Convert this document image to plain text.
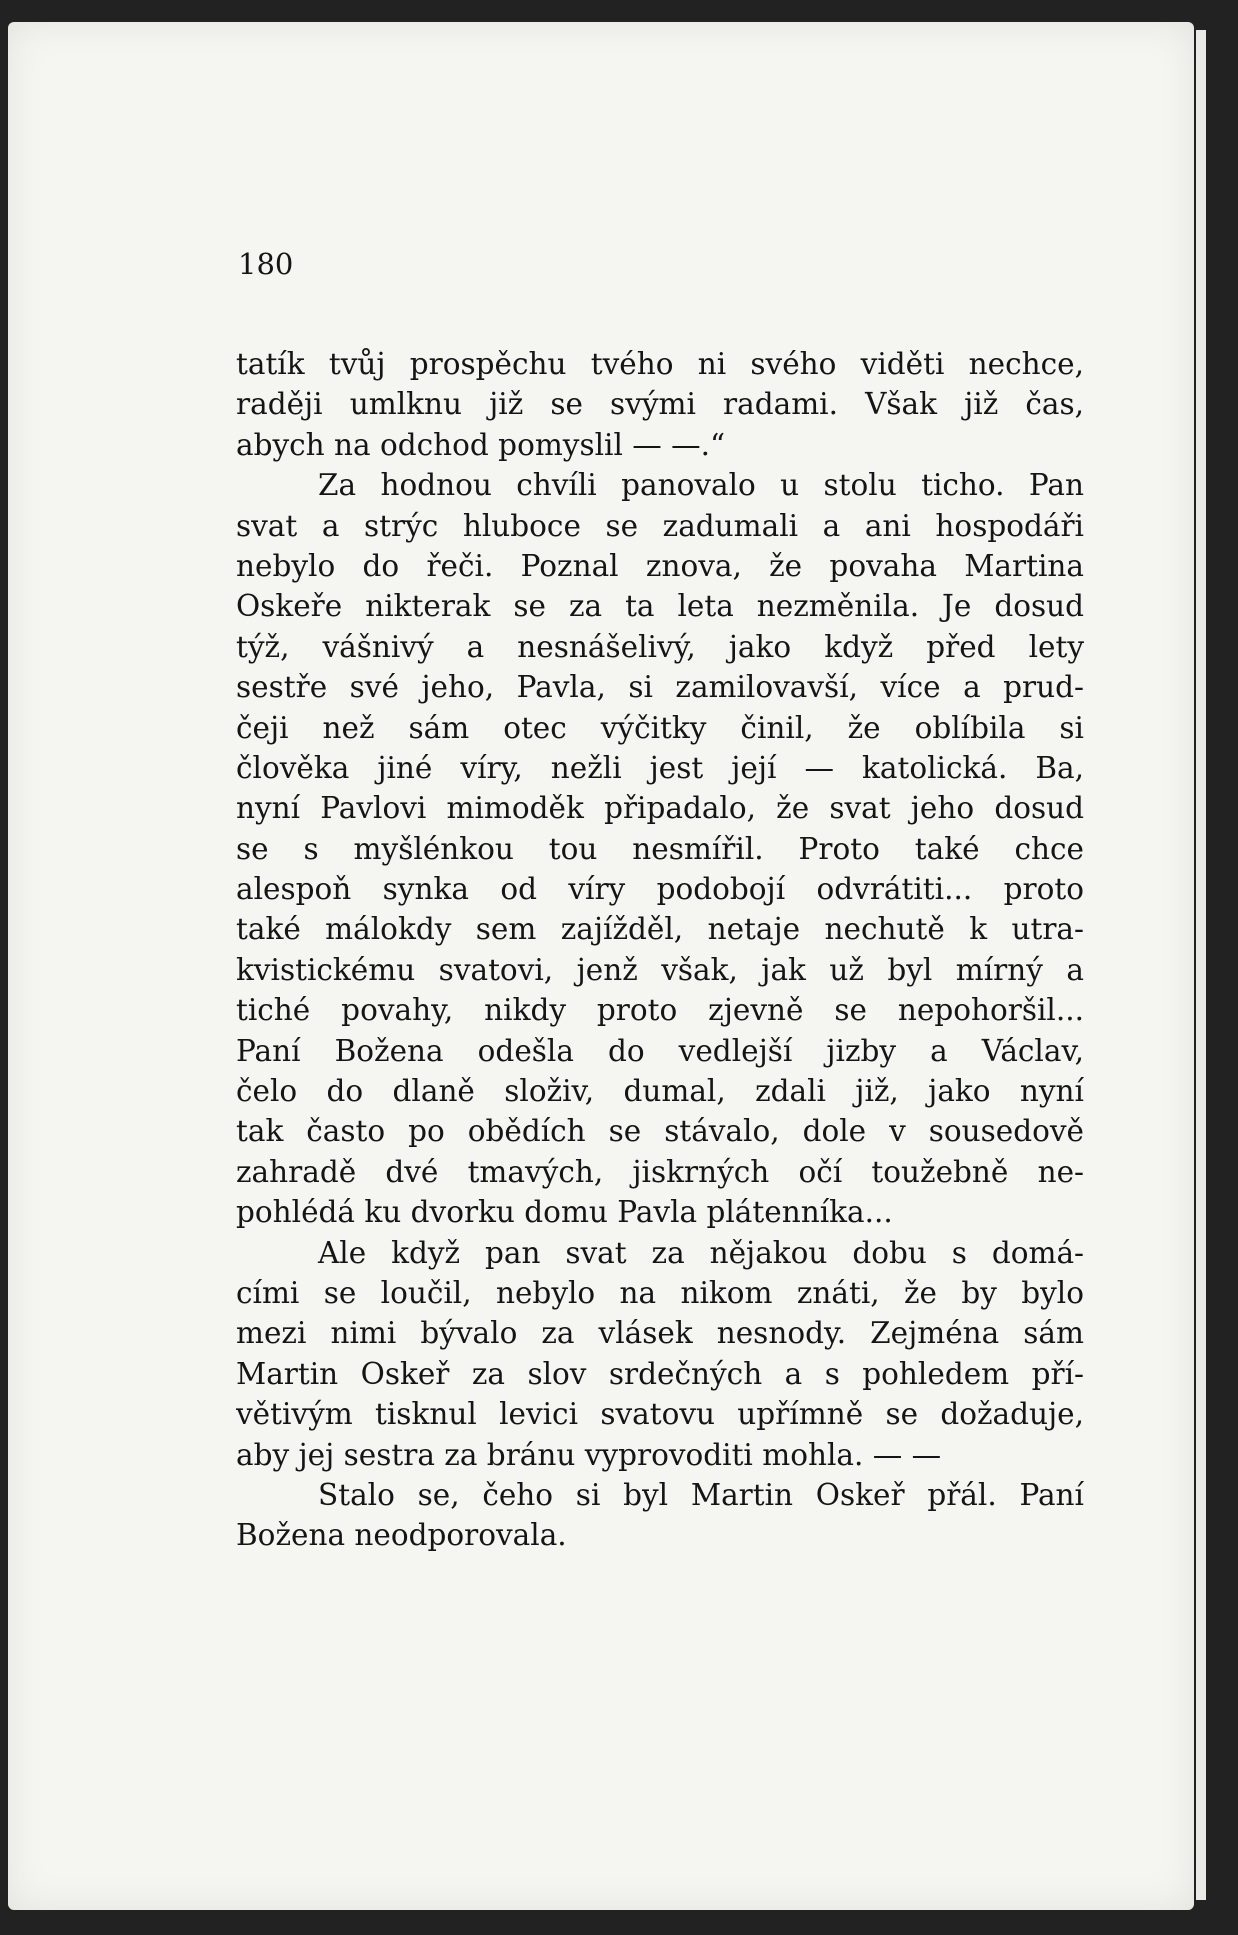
180
tatík tvůj prospěchu tvého ni svého viděti nechce,
raději umlknu již se svými radami. Však již čas,
abych na odchod pomyslil — —.“
Za hodnou chvíli panovalo u stolu ticho. Pan
svat a strýc hluboce se zadumali a ani hospodáři
nebylo do řeči. Poznal znova, že povaha Martina
Oskeře nikterak se za ta leta nezměnila. Je dosud
týž, vášnivý a nesnášelivý, jako když před lety
sestře své jeho, Pavla, si zamilovavší, více a prud-
čeji než sám otec výčitky činil, že oblíbila si
člověka jiné víry, nežli jest její — katolická. Ba,
nyní Pavlovi mimoděk připadalo, že svat jeho dosud
se s myšlénkou tou nesmířil. Proto také chce
alespoň synka od víry podobojí odvrátiti... proto
také málokdy sem zajížděl, netaje nechutě k utra-
kvistickému svatovi, jenž však, jak už byl mírný a
tiché povahy, nikdy proto zjevně se nepohoršil...
Paní Božena odešla do vedlejší jizby a Václav,
čelo do dlaně složiv, dumal, zdali již, jako nyní
tak často po obědích se stávalo, dole v sousedově
zahradě dvé tmavých, jiskrných očí toužebně ne-
pohlédá ku dvorku domu Pavla plátenníka...
Ale když pan svat za nějakou dobu s domá-
cími se loučil, nebylo na nikom znáti, že by bylo
mezi nimi bývalo za vlásek nesnody. Zejména sám
Martin Oskeř za slov srdečných a s pohledem pří-
větivým tisknul levici svatovu upřímně se dožaduje,
aby jej sestra za bránu vyprovoditi mohla. — —
Stalo se, čeho si byl Martin Oskeř přál. Paní
Božena neodporovala.
